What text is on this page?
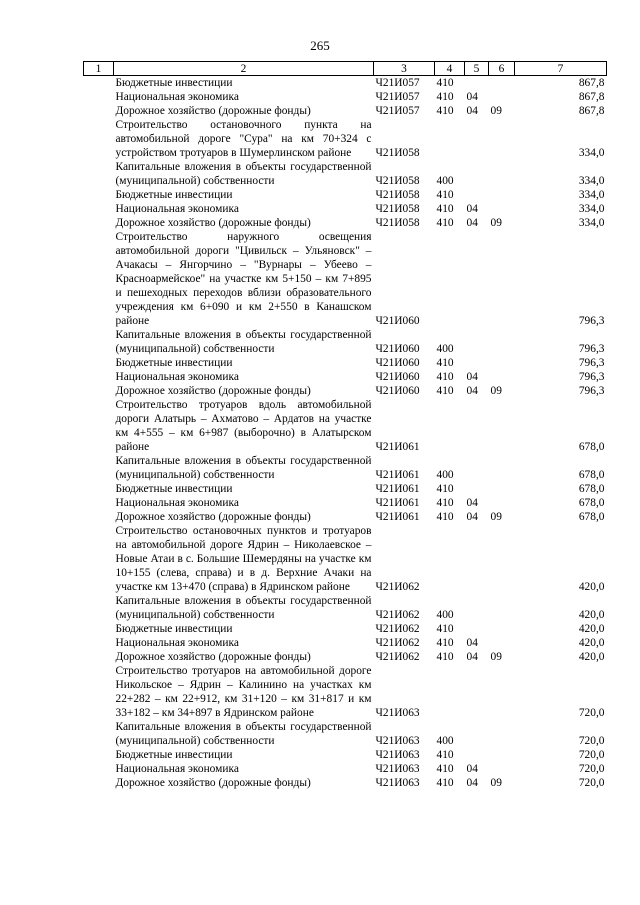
265
1	2	3	4	5	6	7
	Бюджетные инвестиции	Ч21И057	410			867,8
	Национальная экономика	Ч21И057	410	04		867,8
	Дорожное хозяйство (дорожные фонды)	Ч21И057	410	04	09	867,8
	Строительство остановочного пункта на автомобильной дороге "Сура" на км 70+324 с устройством тротуаров в Шумерлинском районе	Ч21И058				334,0
	Капитальные вложения в объекты государственной (муниципальной) собственности	Ч21И058	400			334,0
	Бюджетные инвестиции	Ч21И058	410			334,0
	Национальная экономика	Ч21И058	410	04		334,0
	Дорожное хозяйство (дорожные фонды)	Ч21И058	410	04	09	334,0
	Строительство наружного освещения автомобильной дороги "Цивильск – Ульяновск" – Ачакасы – Янгорчино – "Вурнары – Убеево – Красноармейское" на участке км 5+150 – км 7+895 и пешеходных переходов вблизи образовательного учреждения км 6+090 и км 2+550 в Канашском районе	Ч21И060				796,3
	Капитальные вложения в объекты государственной (муниципальной) собственности	Ч21И060	400			796,3
	Бюджетные инвестиции	Ч21И060	410			796,3
	Национальная экономика	Ч21И060	410	04		796,3
	Дорожное хозяйство (дорожные фонды)	Ч21И060	410	04	09	796,3
	Строительство тротуаров вдоль автомобильной дороги Алатырь – Ахматово – Ардатов на участке км 4+555 – км 6+987 (выборочно) в Алатырском районе	Ч21И061				678,0
	Капитальные вложения в объекты государственной (муниципальной) собственности	Ч21И061	400			678,0
	Бюджетные инвестиции	Ч21И061	410			678,0
	Национальная экономика	Ч21И061	410	04		678,0
	Дорожное хозяйство (дорожные фонды)	Ч21И061	410	04	09	678,0
	Строительство остановочных пунктов и тротуаров на автомобильной дороге Ядрин – Николаевское – Новые Атаи в с. Большие Шемердяны на участке км 10+155 (слева, справа) и в д. Верхние Ачаки на участке км 13+470 (справа) в Ядринском районе	Ч21И062				420,0
	Капитальные вложения в объекты государственной (муниципальной) собственности	Ч21И062	400			420,0
	Бюджетные инвестиции	Ч21И062	410			420,0
	Национальная экономика	Ч21И062	410	04		420,0
	Дорожное хозяйство (дорожные фонды)	Ч21И062	410	04	09	420,0
	Строительство тротуаров на автомобильной дороге Никольское – Ядрин – Калинино на участках км 22+282 – км 22+912, км 31+120 – км 31+817 и км 33+182 – км 34+897 в Ядринском районе	Ч21И063				720,0
	Капитальные вложения в объекты государственной (муниципальной) собственности	Ч21И063	400			720,0
	Бюджетные инвестиции	Ч21И063	410			720,0
	Национальная экономика	Ч21И063	410	04		720,0
	Дорожное хозяйство (дорожные фонды)	Ч21И063	410	04	09	720,0
